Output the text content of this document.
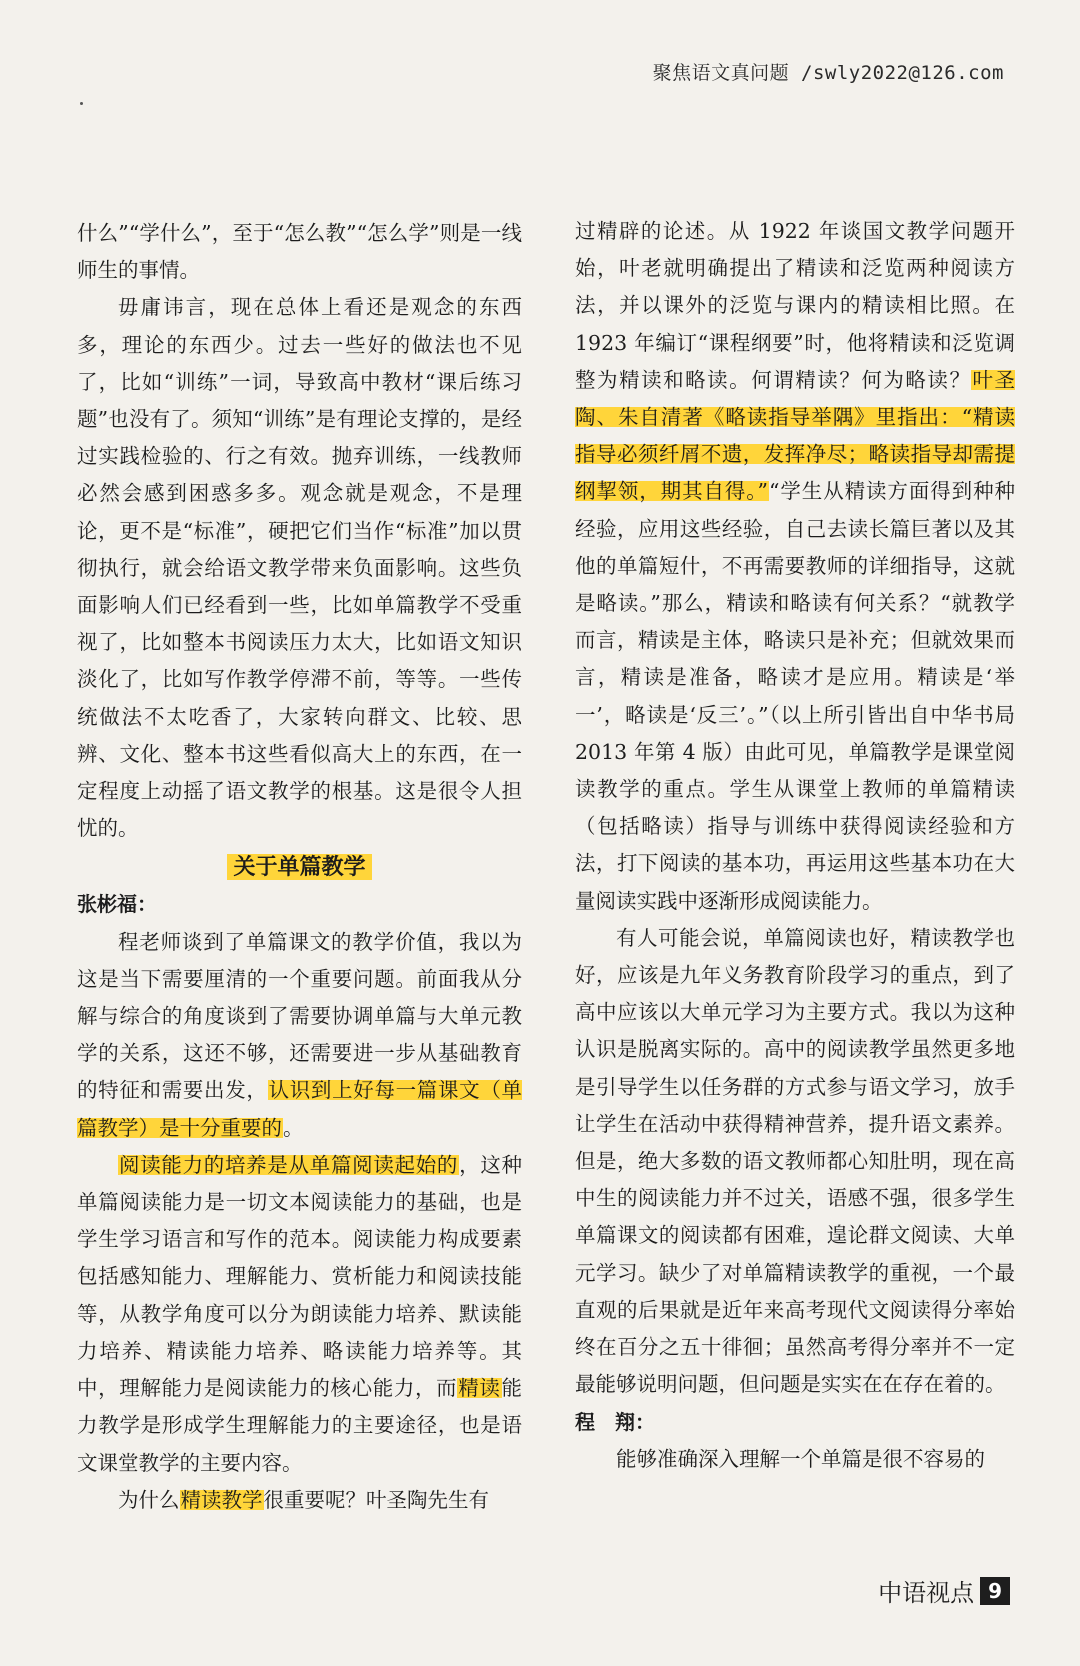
聚焦语文真问题 /swly2022@126.com

什么”“学什么”，至于“怎么教”“怎么学”则是一线师生的事情。

毋庸讳言，现在总体上看还是观念的东西多，理论的东西少。过去一些好的做法也不见了，比如“训练”一词，导致高中教材“课后练习题”也没有了。须知“训练”是有理论支撑的，是经过实践检验的、行之有效。抛弃训练，一线教师必然会感到困惑多多。观念就是观念，不是理论，更不是“标准”，硬把它们当作“标准”加以贯彻执行，就会给语文教学带来负面影响。这些负面影响人们已经看到一些，比如单篇教学不受重视了，比如整本书阅读压力太大，比如语文知识淡化了，比如写作教学停滞不前，等等。一些传统做法不太吃香了，大家转向群文、比较、思辨、文化、整本书这些看似高大上的东西，在一定程度上动摇了语文教学的根基。这是很令人担忧的。

关于单篇教学

张彬福：

程老师谈到了单篇课文的教学价值，我以为这是当下需要厘清的一个重要问题。前面我从分解与综合的角度谈到了需要协调单篇与大单元教学的关系，这还不够，还需要进一步从基础教育的特征和需要出发，认识到上好每一篇课文（单篇教学）是十分重要的。

阅读能力的培养是从单篇阅读起始的，这种单篇阅读能力是一切文本阅读能力的基础，也是学生学习语言和写作的范本。阅读能力构成要素包括感知能力、理解能力、赏析能力和阅读技能等，从教学角度可以分为朗读能力培养、默读能力培养、精读能力培养、略读能力培养等。其中，理解能力是阅读能力的核心能力，而精读能力教学是形成学生理解能力的主要途径，也是语文课堂教学的主要内容。

为什么精读教学很重要呢？叶圣陶先生有

过精辟的论述。从 1922 年谈国文教学问题开始，叶老就明确提出了精读和泛览两种阅读方法，并以课外的泛览与课内的精读相比照。在 1923 年编订“课程纲要”时，他将精读和泛览调整为精读和略读。何谓精读？何为略读？叶圣陶、朱自清著《略读指导举隅》里指出：“精读指导必须纤屑不遗，发挥净尽；略读指导却需提纲挈领，期其自得。”“学生从精读方面得到种种经验，应用这些经验，自己去读长篇巨著以及其他的单篇短什，不再需要教师的详细指导，这就是略读。”那么，精读和略读有何关系？“就教学而言，精读是主体，略读只是补充；但就效果而言，精读是准备，略读才是应用。精读是‘举一’，略读是‘反三’。”（以上所引皆出自中华书局 2013 年第 4 版）由此可见，单篇教学是课堂阅读教学的重点。学生从课堂上教师的单篇精读（包括略读）指导与训练中获得阅读经验和方法，打下阅读的基本功，再运用这些基本功在大量阅读实践中逐渐形成阅读能力。

有人可能会说，单篇阅读也好，精读教学也好，应该是九年义务教育阶段学习的重点，到了高中应该以大单元学习为主要方式。我以为这种认识是脱离实际的。高中的阅读教学虽然更多地是引导学生以任务群的方式参与语文学习，放手让学生在活动中获得精神营养，提升语文素养。但是，绝大多数的语文教师都心知肚明，现在高中生的阅读能力并不过关，语感不强，很多学生单篇课文的阅读都有困难，遑论群文阅读、大单元学习。缺少了对单篇精读教学的重视，一个最直观的后果就是近年来高考现代文阅读得分率始终在百分之五十徘徊；虽然高考得分率并不一定最能够说明问题，但问题是实实在在存在着的。

程　翔：

能够准确深入理解一个单篇是很不容易的

中语视点 9
